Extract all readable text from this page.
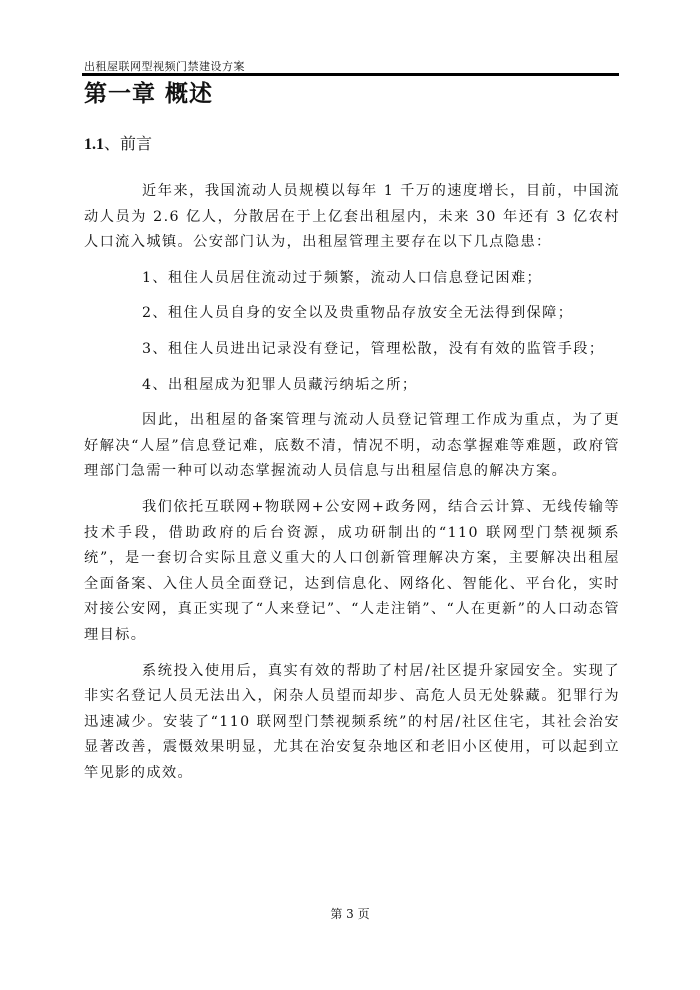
出租屋联网型视频门禁建设方案
第一章 概述
1.1、前言

近年来，我国流动人员规模以每年 1 千万的速度增长，目前，中国流动人员为 2.6 亿人，分散居在于上亿套出租屋内，未来 30 年还有 3 亿农村人口流入城镇。公安部门认为，出租屋管理主要存在以下几点隐患：

1、租住人员居住流动过于频繁，流动人口信息登记困难；

2、租住人员自身的安全以及贵重物品存放安全无法得到保障；

3、租住人员进出记录没有登记，管理松散，没有有效的监管手段；

4、出租屋成为犯罪人员藏污纳垢之所；

因此，出租屋的备案管理与流动人员登记管理工作成为重点，为了更好解决“人屋”信息登记难，底数不清，情况不明，动态掌握难等难题，政府管理部门急需一种可以动态掌握流动人员信息与出租屋信息的解决方案。

我们依托互联网+物联网+公安网+政务网，结合云计算、无线传输等技术手段，借助政府的后台资源，成功研制出的“110 联网型门禁视频系统”，是一套切合实际且意义重大的人口创新管理解决方案，主要解决出租屋全面备案、入住人员全面登记，达到信息化、网络化、智能化、平台化，实时对接公安网，真正实现了“人来登记”、“人走注销”、“人在更新”的人口动态管理目标。

系统投入使用后，真实有效的帮助了村居/社区提升家园安全。实现了非实名登记人员无法出入，闲杂人员望而却步、高危人员无处躲藏。犯罪行为迅速减少。安装了“110 联网型门禁视频系统”的村居/社区住宅，其社会治安显著改善，震慑效果明显，尤其在治安复杂地区和老旧小区使用，可以起到立竿见影的成效。

第 3 页
